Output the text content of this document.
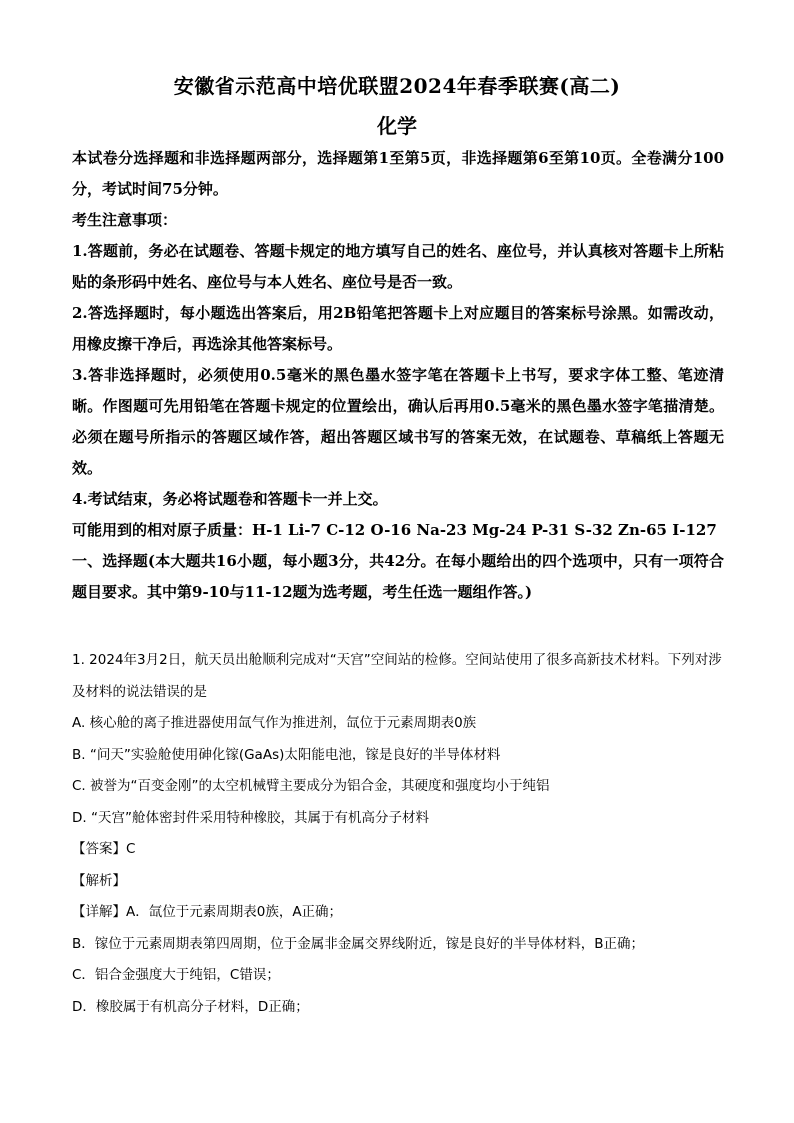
安徽省示范高中培优联盟2024年春季联赛(高二)
化学

本试卷分选择题和非选择题两部分，选择题第1至第5页，非选择题第6至第10页。全卷满分100分，考试时间75分钟。

考生注意事项：

1.答题前，务必在试题卷、答题卡规定的地方填写自己的姓名、座位号，并认真核对答题卡上所粘贴的条形码中姓名、座位号与本人姓名、座位号是否一致。

2.答选择题时，每小题选出答案后，用2B铅笔把答题卡上对应题目的答案标号涂黑。如需改动，用橡皮擦干净后，再选涂其他答案标号。

3.答非选择题时，必须使用0.5毫米的黑色墨水签字笔在答题卡上书写，要求字体工整、笔迹清晰。作图题可先用铅笔在答题卡规定的位置绘出，确认后再用0.5毫米的黑色墨水签字笔描清楚。必须在题号所指示的答题区域作答，超出答题区域书写的答案无效，在试题卷、草稿纸上答题无效。

4.考试结束，务必将试题卷和答题卡一并上交。

可能用到的相对原子质量：H-1 Li-7 C-12 O-16 Na-23 Mg-24 P-31 S-32 Zn-65 I-127

一、选择题(本大题共16小题，每小题3分，共42分。在每小题给出的四个选项中，只有一项符合题目要求。其中第9-10与11-12题为选考题，考生任选一题组作答。)

1. 2024年3月2日，航天员出舱顺利完成对“天宫”空间站的检修。空间站使用了很多高新技术材料。下列对涉及材料的说法错误的是

A. 核心舱的离子推进器使用氙气作为推进剂，氙位于元素周期表0族

B. “问天”实验舱使用砷化镓(GaAs)太阳能电池，镓是良好的半导体材料

C. 被誉为“百变金刚”的太空机械臂主要成分为铝合金，其硬度和强度均小于纯铝

D. “天宫”舱体密封件采用特种橡胶，其属于有机高分子材料

【答案】C

【解析】

【详解】A．氙位于元素周期表0族，A正确；

B．镓位于元素周期表第四周期，位于金属非金属交界线附近，镓是良好的半导体材料，B正确；

C．铝合金强度大于纯铝，C错误；

D．橡胶属于有机高分子材料，D正确；
